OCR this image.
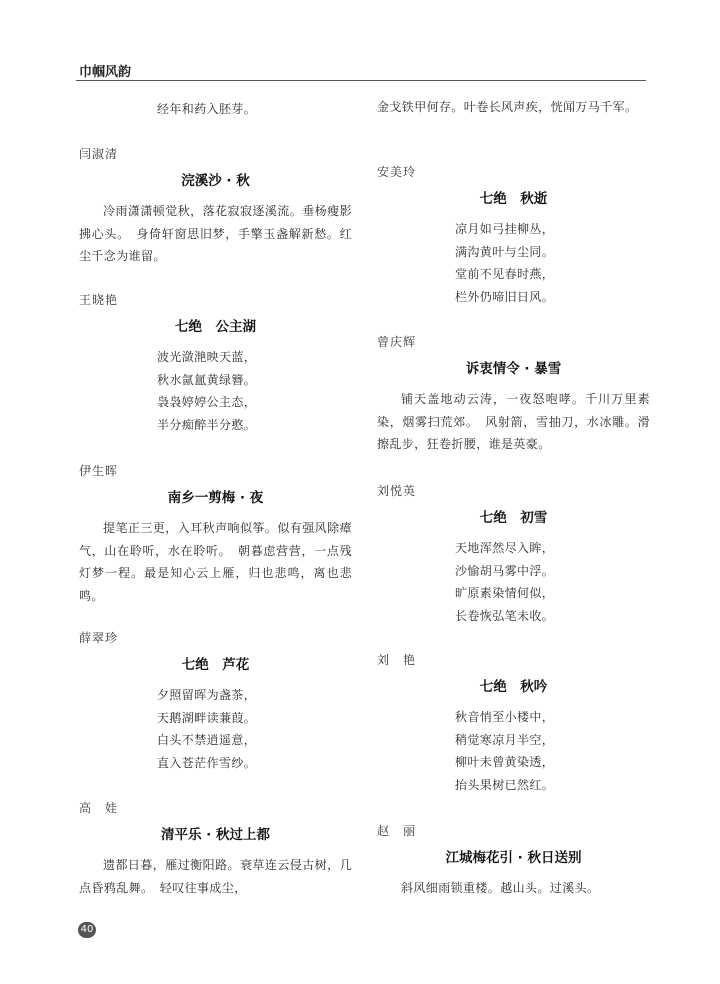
巾帼风韵
经年和药入胚芽。
闫淑清
浣溪沙 · 秋

冷雨潇潇顿觉秋，落花寂寂逐溪流。垂杨瘦影拂心头。　身倚轩窗思旧梦，手擎玉盏解新愁。红尘千念为谁留。

王晓艳
七绝　公主湖
波光潋滟映天蓝，
秋水氤氲黄绿簪。
袅袅婷婷公主态，
半分痴醉半分憨。
伊生晖
南乡一剪梅 · 夜

提笔正三更，入耳秋声响似筝。似有强风除瘴气，山在聆听，水在聆听。　朝暮虑营营，一点残灯梦一程。最是知心云上雁，归也悲鸣，离也悲鸣。

薛翠珍
七绝　芦花
夕照留晖为盏茶，
天鹅湖畔读蒹葭。
白头不禁逍遥意，
直入苍茫作雪纱。
高　娃
清平乐 · 秋过上都

遗都日暮，雁过衡阳路。衰草连云侵古树，几点昏鸦乱舞。　轻叹往事成尘，

金戈铁甲何存。叶卷长风声疾，恍闻万马千军。

安美玲
七绝　秋逝
凉月如弓挂柳丛，
满沟黄叶与尘同。
堂前不见春时燕，
栏外仍啼旧日风。
曾庆辉
诉衷情令 · 暴雪

铺天盖地动云涛，一夜怒咆哮。千川万里素染，烟雾扫荒郊。　风射箭，雪抽刀，水冰雕。滑擦乱步，狂卷折腰，谁是英豪。

刘悦英
七绝　初雪
天地浑然尽入眸，
沙愉胡马雾中浮。
旷原素染情何似，
长卷恢弘笔未收。
刘　艳
七绝　秋吟
秋音悄至小楼中，
稍觉寒凉月半空，
柳叶未曾黄染透，
抬头果树已然红。
赵　丽
江城梅花引 · 秋日送别

斜风细雨锁重楼。越山头。过溪头。

40
